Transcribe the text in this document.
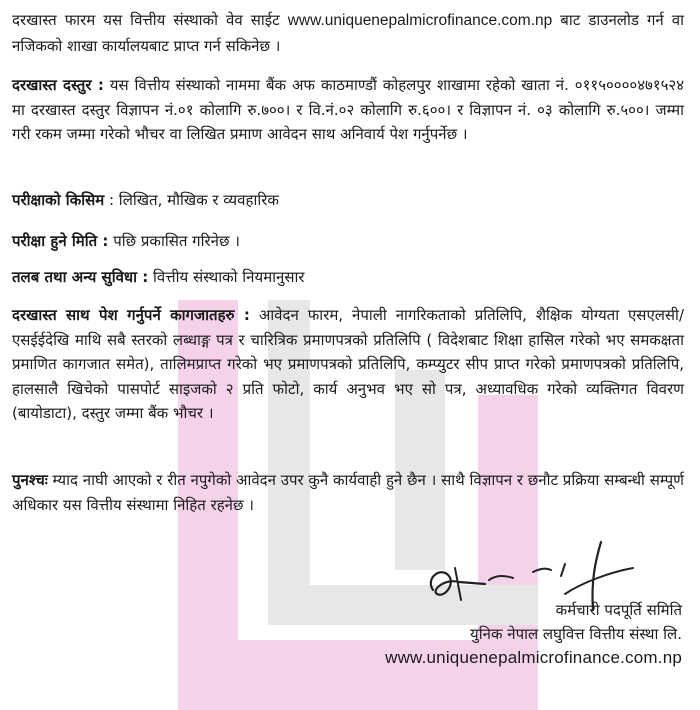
दरखास्त फारम यस वित्तीय संस्थाको वेव साईट www.uniquenepalmicrofinance.com.np बाट डाउनलोड गर्न वा नजिकको शाखा कार्यालयबाट प्राप्त गर्न सकिनेछ ।

दरखास्त दस्तुर : यस वित्तीय संस्थाको नाममा बैंक अफ काठमाण्डौं कोहलपुर शाखामा रहेको खाता नं. ०११५००००४७१५२४ मा दरखास्त दस्तुर विज्ञापन नं.०१ कोलागि रु.७००। र वि.नं.०२ कोलागि रु.६००। र विज्ञापन नं. ०३ कोलागि रु.५००। जम्मा गरी रकम जम्मा गरेको भौचर वा लिखित प्रमाण आवेदन साथ अनिवार्य पेश गर्नुपर्नेछ ।

परीक्षाको किसिम : लिखित, मौखिक र व्यवहारिक

परीक्षा हुने मिति : पछि प्रकासित गरिनेछ ।

तलब तथा अन्य सुविधा : वित्तीय संस्थाको नियमानुसार

दरखास्त साथ पेश गर्नुपर्ने कागजातहरु : आवेदन फारम, नेपाली नागरिकताको प्रतिलिपि, शैक्षिक योग्यता एसएलसी/एसईईदेखि माथि सबै स्तरको लब्धाङ्ग पत्र र चारित्रिक प्रमाणपत्रको प्रतिलिपि ( विदेशबाट शिक्षा हासिल गरेको भए समकक्षता प्रमाणित कागजात समेत), तालिमप्राप्त गरेको भए प्रमाणपत्रको प्रतिलिपि, कम्प्युटर सीप प्राप्त गरेको प्रमाणपत्रको प्रतिलिपि, हालसालै खिचेको पासपोर्ट साइजको २ प्रति फोटो, कार्य अनुभव भए सो पत्र, अध्यावधिक गरेको व्यक्तिगत विवरण (बायोडाटा), दस्तुर जम्मा बैंक भौचर ।

पुनश्चः म्याद नाघी आएको र रीत नपुगेको आवेदन उपर कुनै कार्यवाही हुने छैन । साथै विज्ञापन र छनौट प्रक्रिया सम्बन्धी सम्पूर्ण अधिकार यस वित्तीय संस्थामा निहित रहनेछ ।

कर्मचारी पदपूर्ति समिति
युनिक नेपाल लघुवित्त वित्तीय संस्था लि.
www.uniquenepalmicrofinance.com.np
